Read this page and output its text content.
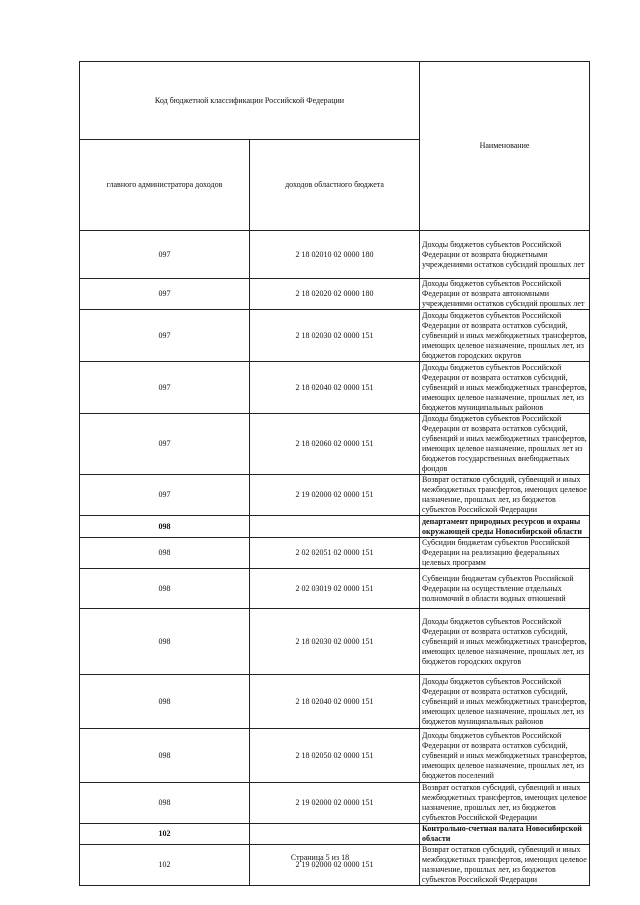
Код бюджетной классификации Российской Федерации		Наименование
главного администратора доходов	доходов областного бюджета	
097	2 18 02010 02 0000 180	Доходы бюджетов субъектов Российской Федерации от возврата бюджетными учреждениями остатков субсидий прошлых лет
097	2 18 02020 02 0000 180	Доходы бюджетов субъектов Российской Федерации от возврата автономными учреждениями остатков субсидий прошлых лет
097	2 18 02030 02 0000 151	Доходы бюджетов субъектов Российской Федерации от возврата остатков субсидий, субвенций и иных межбюджетных трансфертов, имеющих целевое назначение, прошлых лет, из бюджетов городских округов
097	2 18 02040 02 0000 151	Доходы бюджетов субъектов Российской Федерации от возврата остатков субсидий, субвенций и иных межбюджетных трансфертов, имеющих целевое назначение, прошлых лет, из бюджетов муниципальных районов
097	2 18 02060 02 0000 151	Доходы бюджетов субъектов Российской Федерации от возврата остатков субсидий, субвенций и иных межбюджетных трансфертов, имеющих целевое назначение, прошлых лет из бюджетов государственных внебюджетных фондов
097	2 19 02000 02 0000 151	Возврат остатков субсидий, субвенций и иных межбюджетных трансфертов, имеющих целевое назначение, прошлых лет, из бюджетов субъектов Российской Федерации
098		департамент природных ресурсов и охраны окружающей среды Новосибирской области
098	2 02 02051 02 0000 151	Субсидии бюджетам субъектов Российской Федерации на реализацию федеральных целевых программ
098	2 02 03019 02 0000 151	Субвенции бюджетам субъектов Российской Федерации на осуществление отдельных полномочий в области водных отношений
098	2 18 02030 02 0000 151	Доходы бюджетов субъектов Российской Федерации от возврата остатков субсидий, субвенций и иных межбюджетных трансфертов, имеющих целевое назначение, прошлых лет, из бюджетов городских округов
098	2 18 02040 02 0000 151	Доходы бюджетов субъектов Российской Федерации от возврата остатков субсидий, субвенций и иных межбюджетных трансфертов, имеющих целевое назначение, прошлых лет, из бюджетов муниципальных районов
098	2 18 02050 02 0000 151	Доходы бюджетов субъектов Российской Федерации от возврата остатков субсидий, субвенций и иных межбюджетных трансфертов, имеющих целевое назначение, прошлых лет, из бюджетов поселений
098	2 19 02000 02 0000 151	Возврат остатков субсидий, субвенций и иных межбюджетных трансфертов, имеющих целевое назначение, прошлых лет, из бюджетов субъектов Российской Федерации
102		Контрольно-счетная палата Новосибирской области
102	2 19 02000 02 0000 151	Возврат остатков субсидий, субвенций и иных межбюджетных трансфертов, имеющих целевое назначение, прошлых лет, из бюджетов субъектов Российской Федерации
Страница 5 из 18
